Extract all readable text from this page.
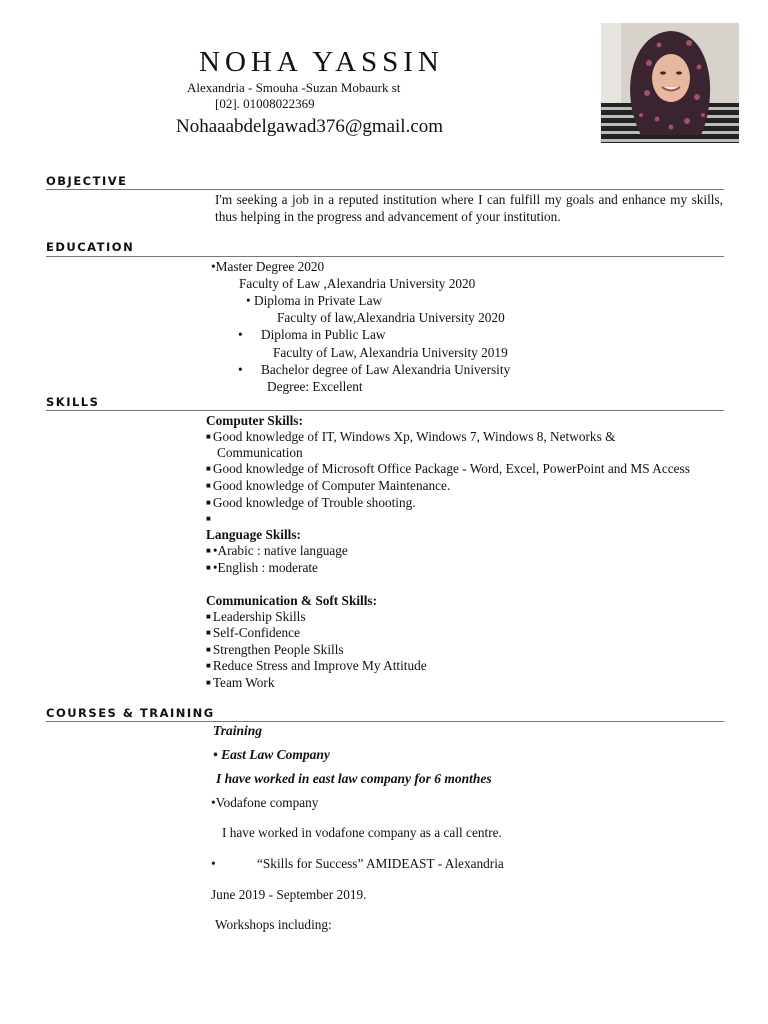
NOHA YASSIN
Alexandria - Smouha -Suzan Mobaurk st
[02]. 01008022369
Nohaaabdelgawad376@gmail.com
OBJECTIVE
I'm seeking a job in a reputed institution where I can fulfill my goals and enhance my skills, thus helping in the progress and advancement of your institution.
EDUCATION
•Master Degree 2020
Faculty of Law ,Alexandria University 2020
• Diploma in Private Law
Faculty of law,Alexandria University 2020
• Diploma in Public Law
Faculty of Law, Alexandria University 2019
• Bachelor degree of Law Alexandria University
Degree: Excellent
SKILLS
Computer Skills:
■ Good knowledge of IT, Windows Xp, Windows 7, Windows 8, Networks &
Communication
■ Good knowledge of Microsoft Office Package - Word, Excel, PowerPoint and MS Access
■ Good knowledge of Computer Maintenance.
■ Good knowledge of Trouble shooting.
■
Language Skills:
■ •Arabic : native language
■ •English : moderate
Communication & Soft Skills:
■ Leadership Skills
■ Self-Confidence
■ Strengthen People Skills
■ Reduce Stress and Improve My Attitude
■ Team Work
COURSES & TRAINING
Training
• East Law Company
I have worked in east law company for 6 monthes
•Vodafone company
I have worked in vodafone company as a call centre.
•	“Skills for Success” AMIDEAST - Alexandria
June 2019 - September 2019.
Workshops including:
